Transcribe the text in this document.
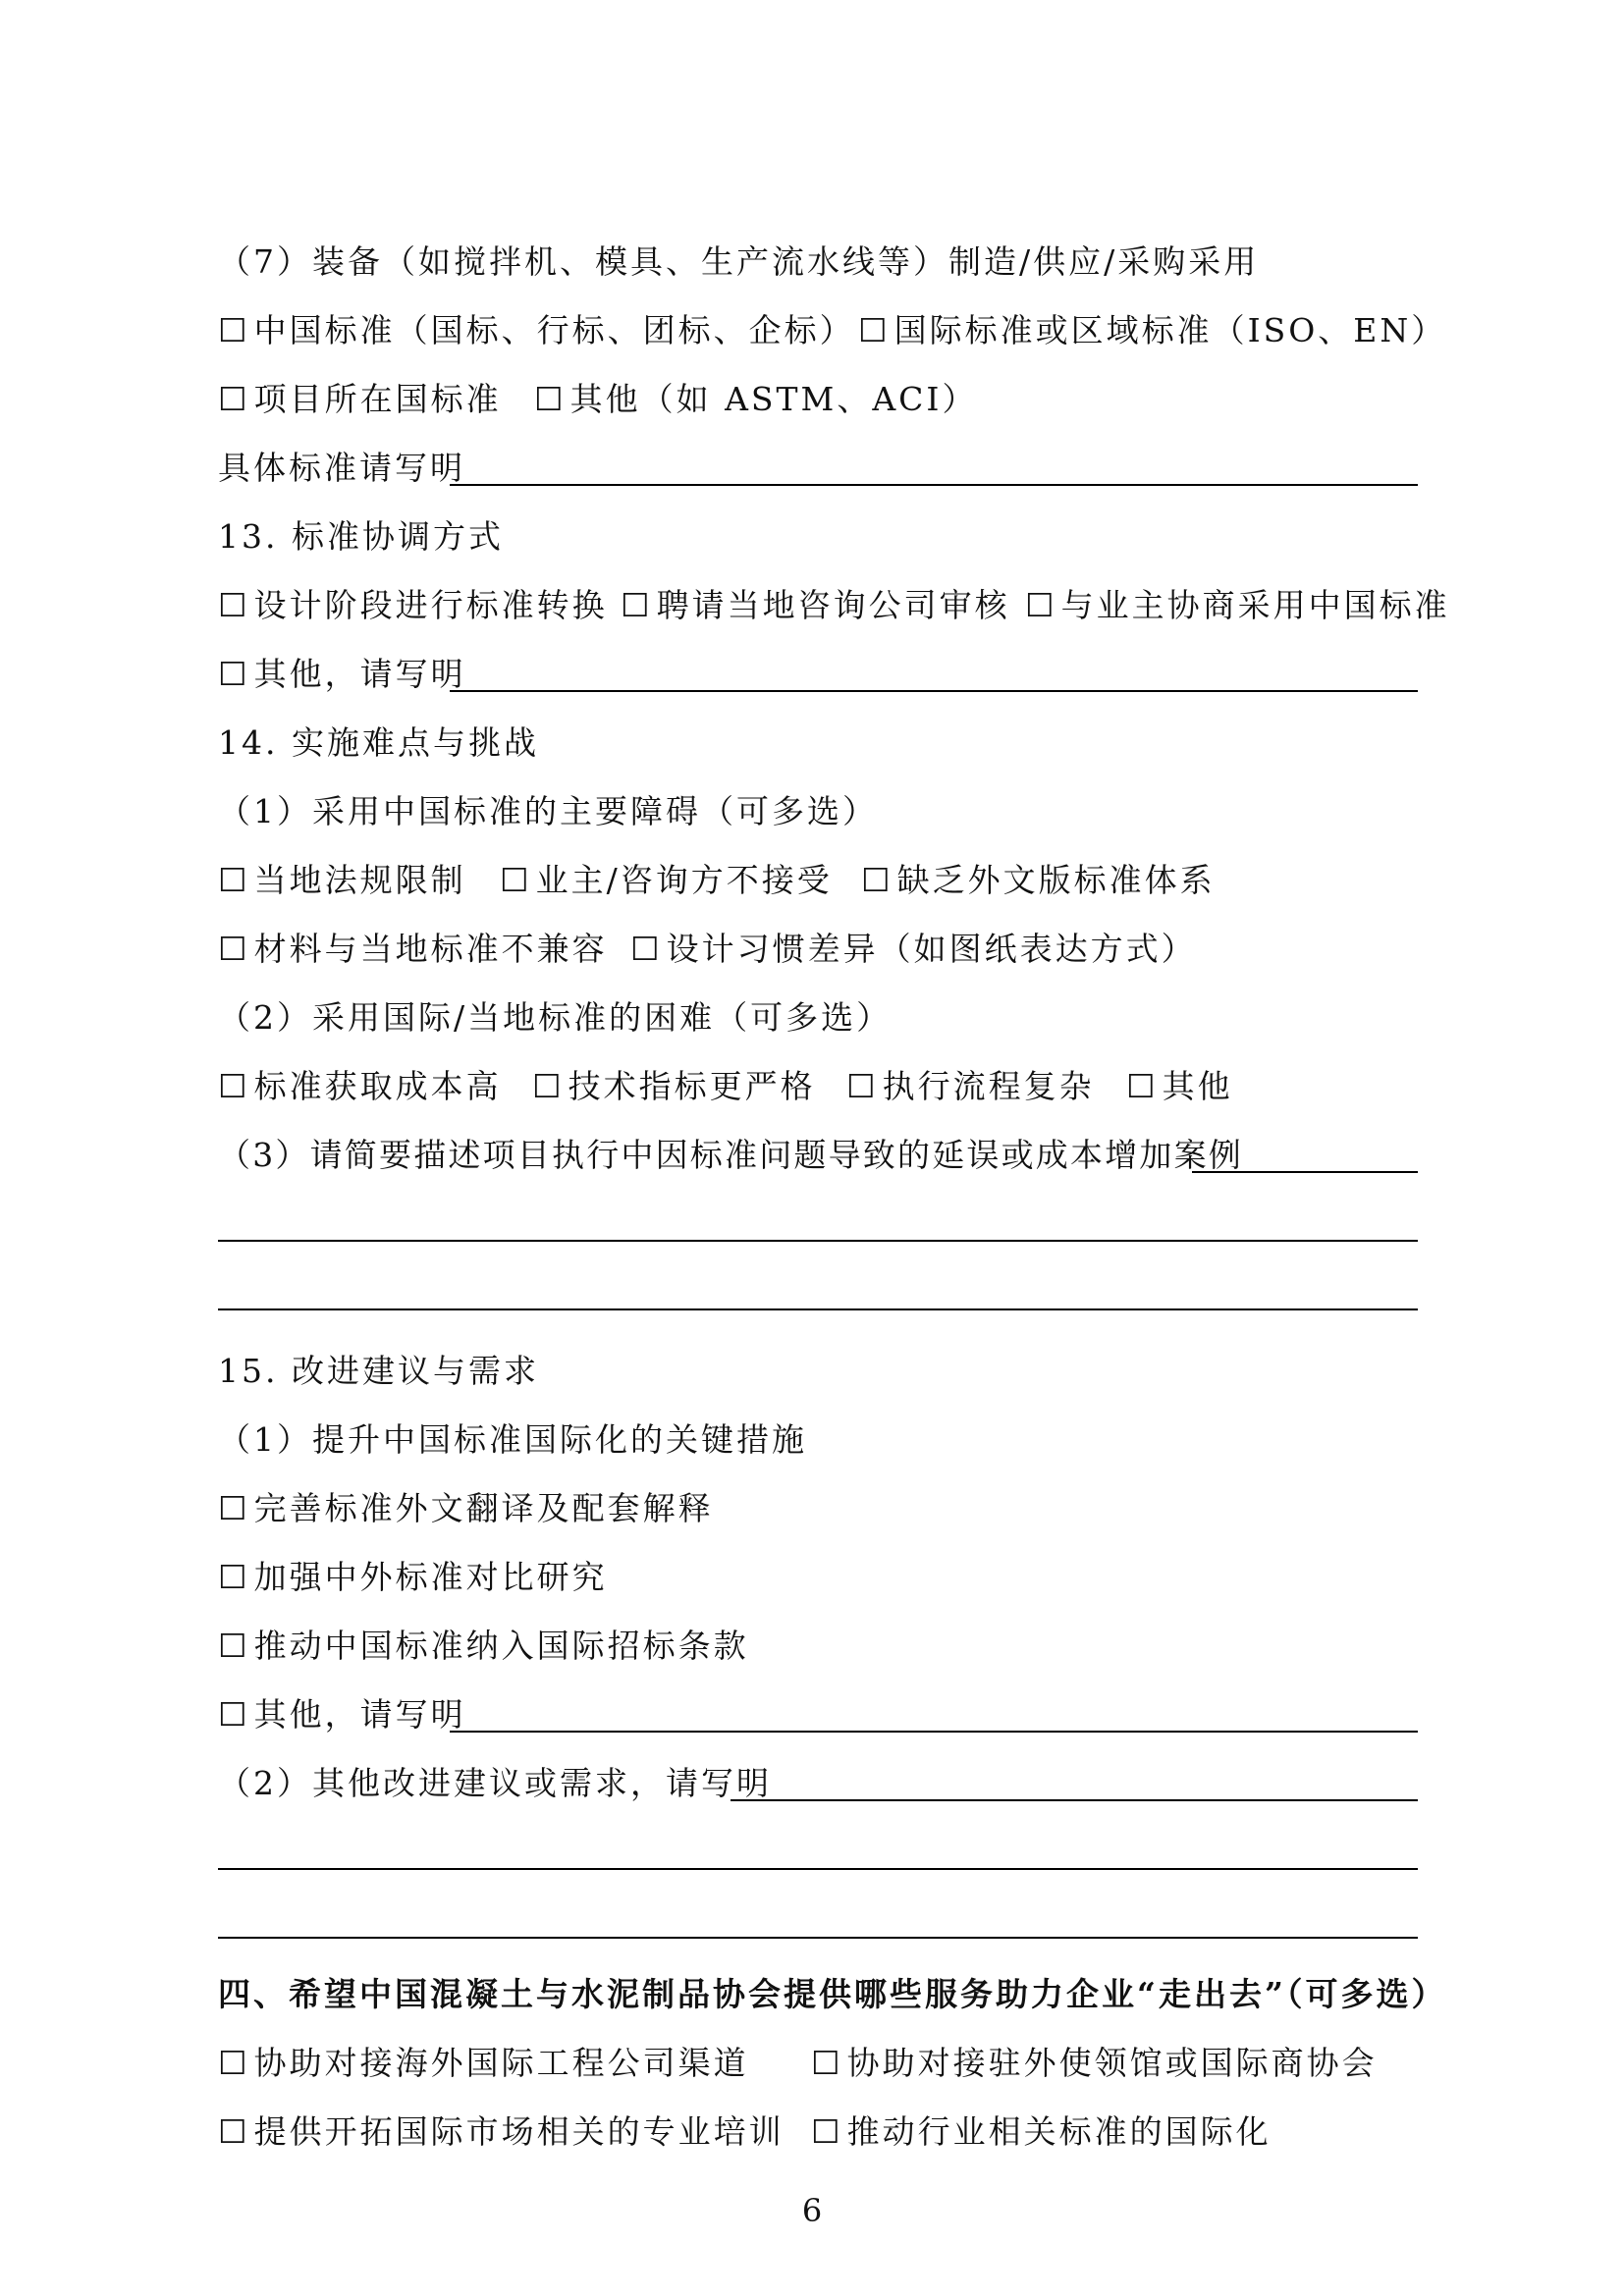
（7）装备（如搅拌机、模具、生产流水线等）制造/供应/采购采用
☐ 中国标准（国标、行标、团标、企标） ☐ 国际标准或区域标准（ISO、EN）
☐ 项目所在国标准 ☐ 其他（如 ASTM、ACI）
具体标准请写明
13. 标准协调方式
☐ 设计阶段进行标准转换 ☐ 聘请当地咨询公司审核 ☐ 与业主协商采用中国标准
☐ 其他，请写明
14. 实施难点与挑战
（1）采用中国标准的主要障碍（可多选）
☐ 当地法规限制 ☐ 业主/咨询方不接受 ☐ 缺乏外文版标准体系
☐ 材料与当地标准不兼容 ☐ 设计习惯差异（如图纸表达方式）
（2）采用国际/当地标准的困难（可多选）
☐ 标准获取成本高 ☐ 技术指标更严格 ☐ 执行流程复杂 ☐ 其他
（3）请简要描述项目执行中因标准问题导致的延误或成本增加案例
15. 改进建议与需求
（1）提升中国标准国际化的关键措施
☐ 完善标准外文翻译及配套解释
☐ 加强中外标准对比研究
☐ 推动中国标准纳入国际招标条款
☐ 其他，请写明
（2）其他改进建议或需求，请写明
四、希望中国混凝土与水泥制品协会提供哪些服务助力企业“走出去”（可多选）
☐ 协助对接海外国际工程公司渠道 ☐ 协助对接驻外使领馆或国际商协会
☐ 提供开拓国际市场相关的专业培训 ☐ 推动行业相关标准的国际化
6
